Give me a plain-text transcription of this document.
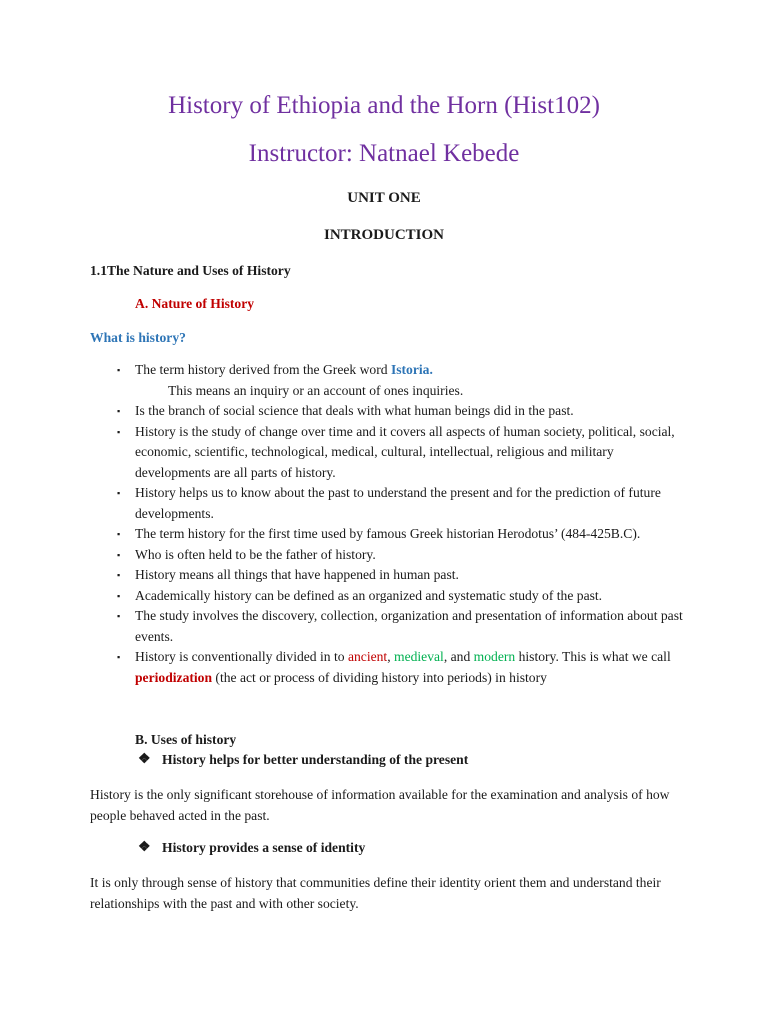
History of Ethiopia and the Horn (Hist102)
Instructor: Natnael Kebede

UNIT ONE

INTRODUCTION

1.1The Nature and Uses of History

A. Nature of History

What is history?

▪ The term history derived from the Greek word Istoria.
This means an inquiry or an account of ones inquiries.
▪ Is the branch of social science that deals with what human beings did in the past.
▪ History is the study of change over time and it covers all aspects of human society, political, social, economic, scientific, technological, medical, cultural, intellectual, religious and military developments are all parts of history.
▪ History helps us to know about the past to understand the present and for the prediction of future developments.
▪ The term history for the first time used by famous Greek historian Herodotus’ (484-425B.C).
▪ Who is often held to be the father of history.
▪ History means all things that have happened in human past.
▪ Academically history can be defined as an organized and systematic study of the past.
▪ The study involves the discovery, collection, organization and presentation of information about past events.
▪ History is conventionally divided in to ancient, medieval, and modern history. This is what we call periodization (the act or process of dividing history into periods) in history

B. Uses of history

❖ History helps for better understanding of the present

History is the only significant storehouse of information available for the examination and analysis of how people behaved acted in the past.

❖ History provides a sense of identity

It is only through sense of history that communities define their identity orient them and understand their relationships with the past and with other society.
